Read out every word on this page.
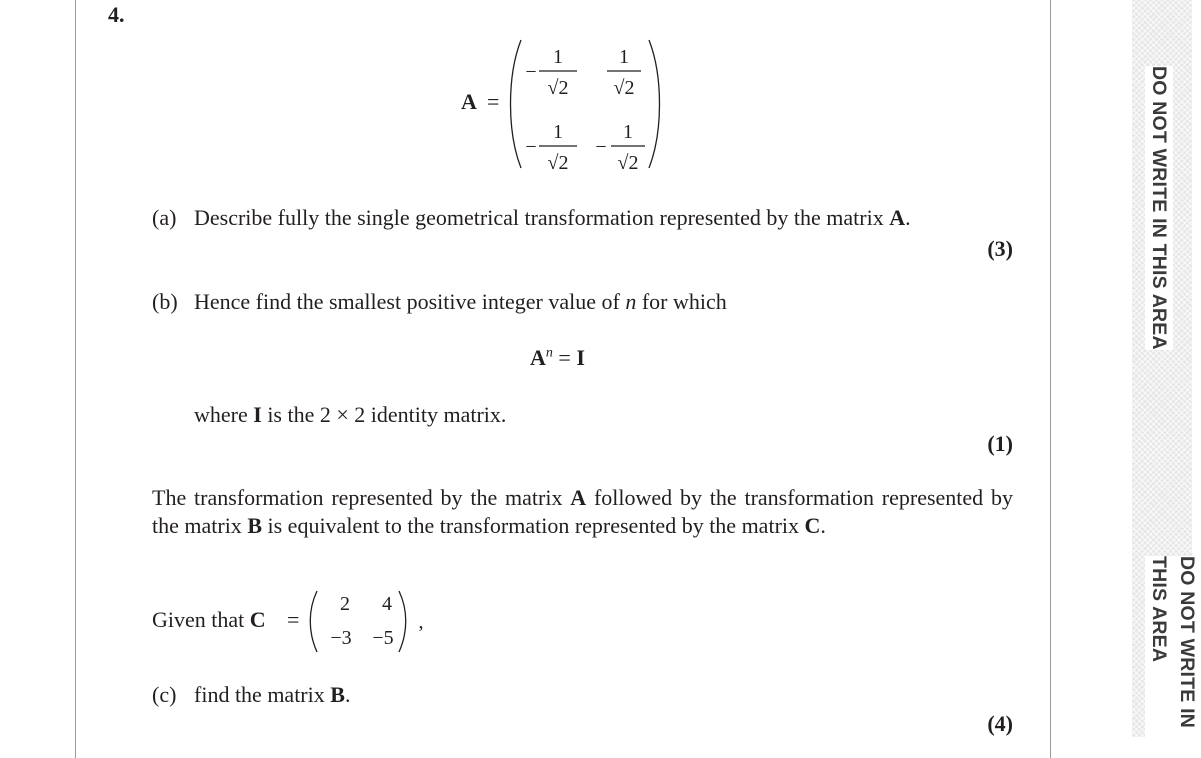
4.
A =
−
1
√2
1
√2
−
1
√2
−
1
√2
(a) Describe fully the single geometrical transformation represented by the matrix A.
(3)
(b) Hence find the smallest positive integer value of n for which
$A^n = I$
where I is the 2 × 2 identity matrix.
(1)
The transformation represented by the matrix A followed by the transformation represented by the matrix B is equivalent to the transformation represented by the matrix C.
Given that C =
2 4
−3 −5
,
(c) find the matrix B.
(4)
DO NOT WRITE IN THIS AREA
DO NOT WRITE IN THIS AREA
